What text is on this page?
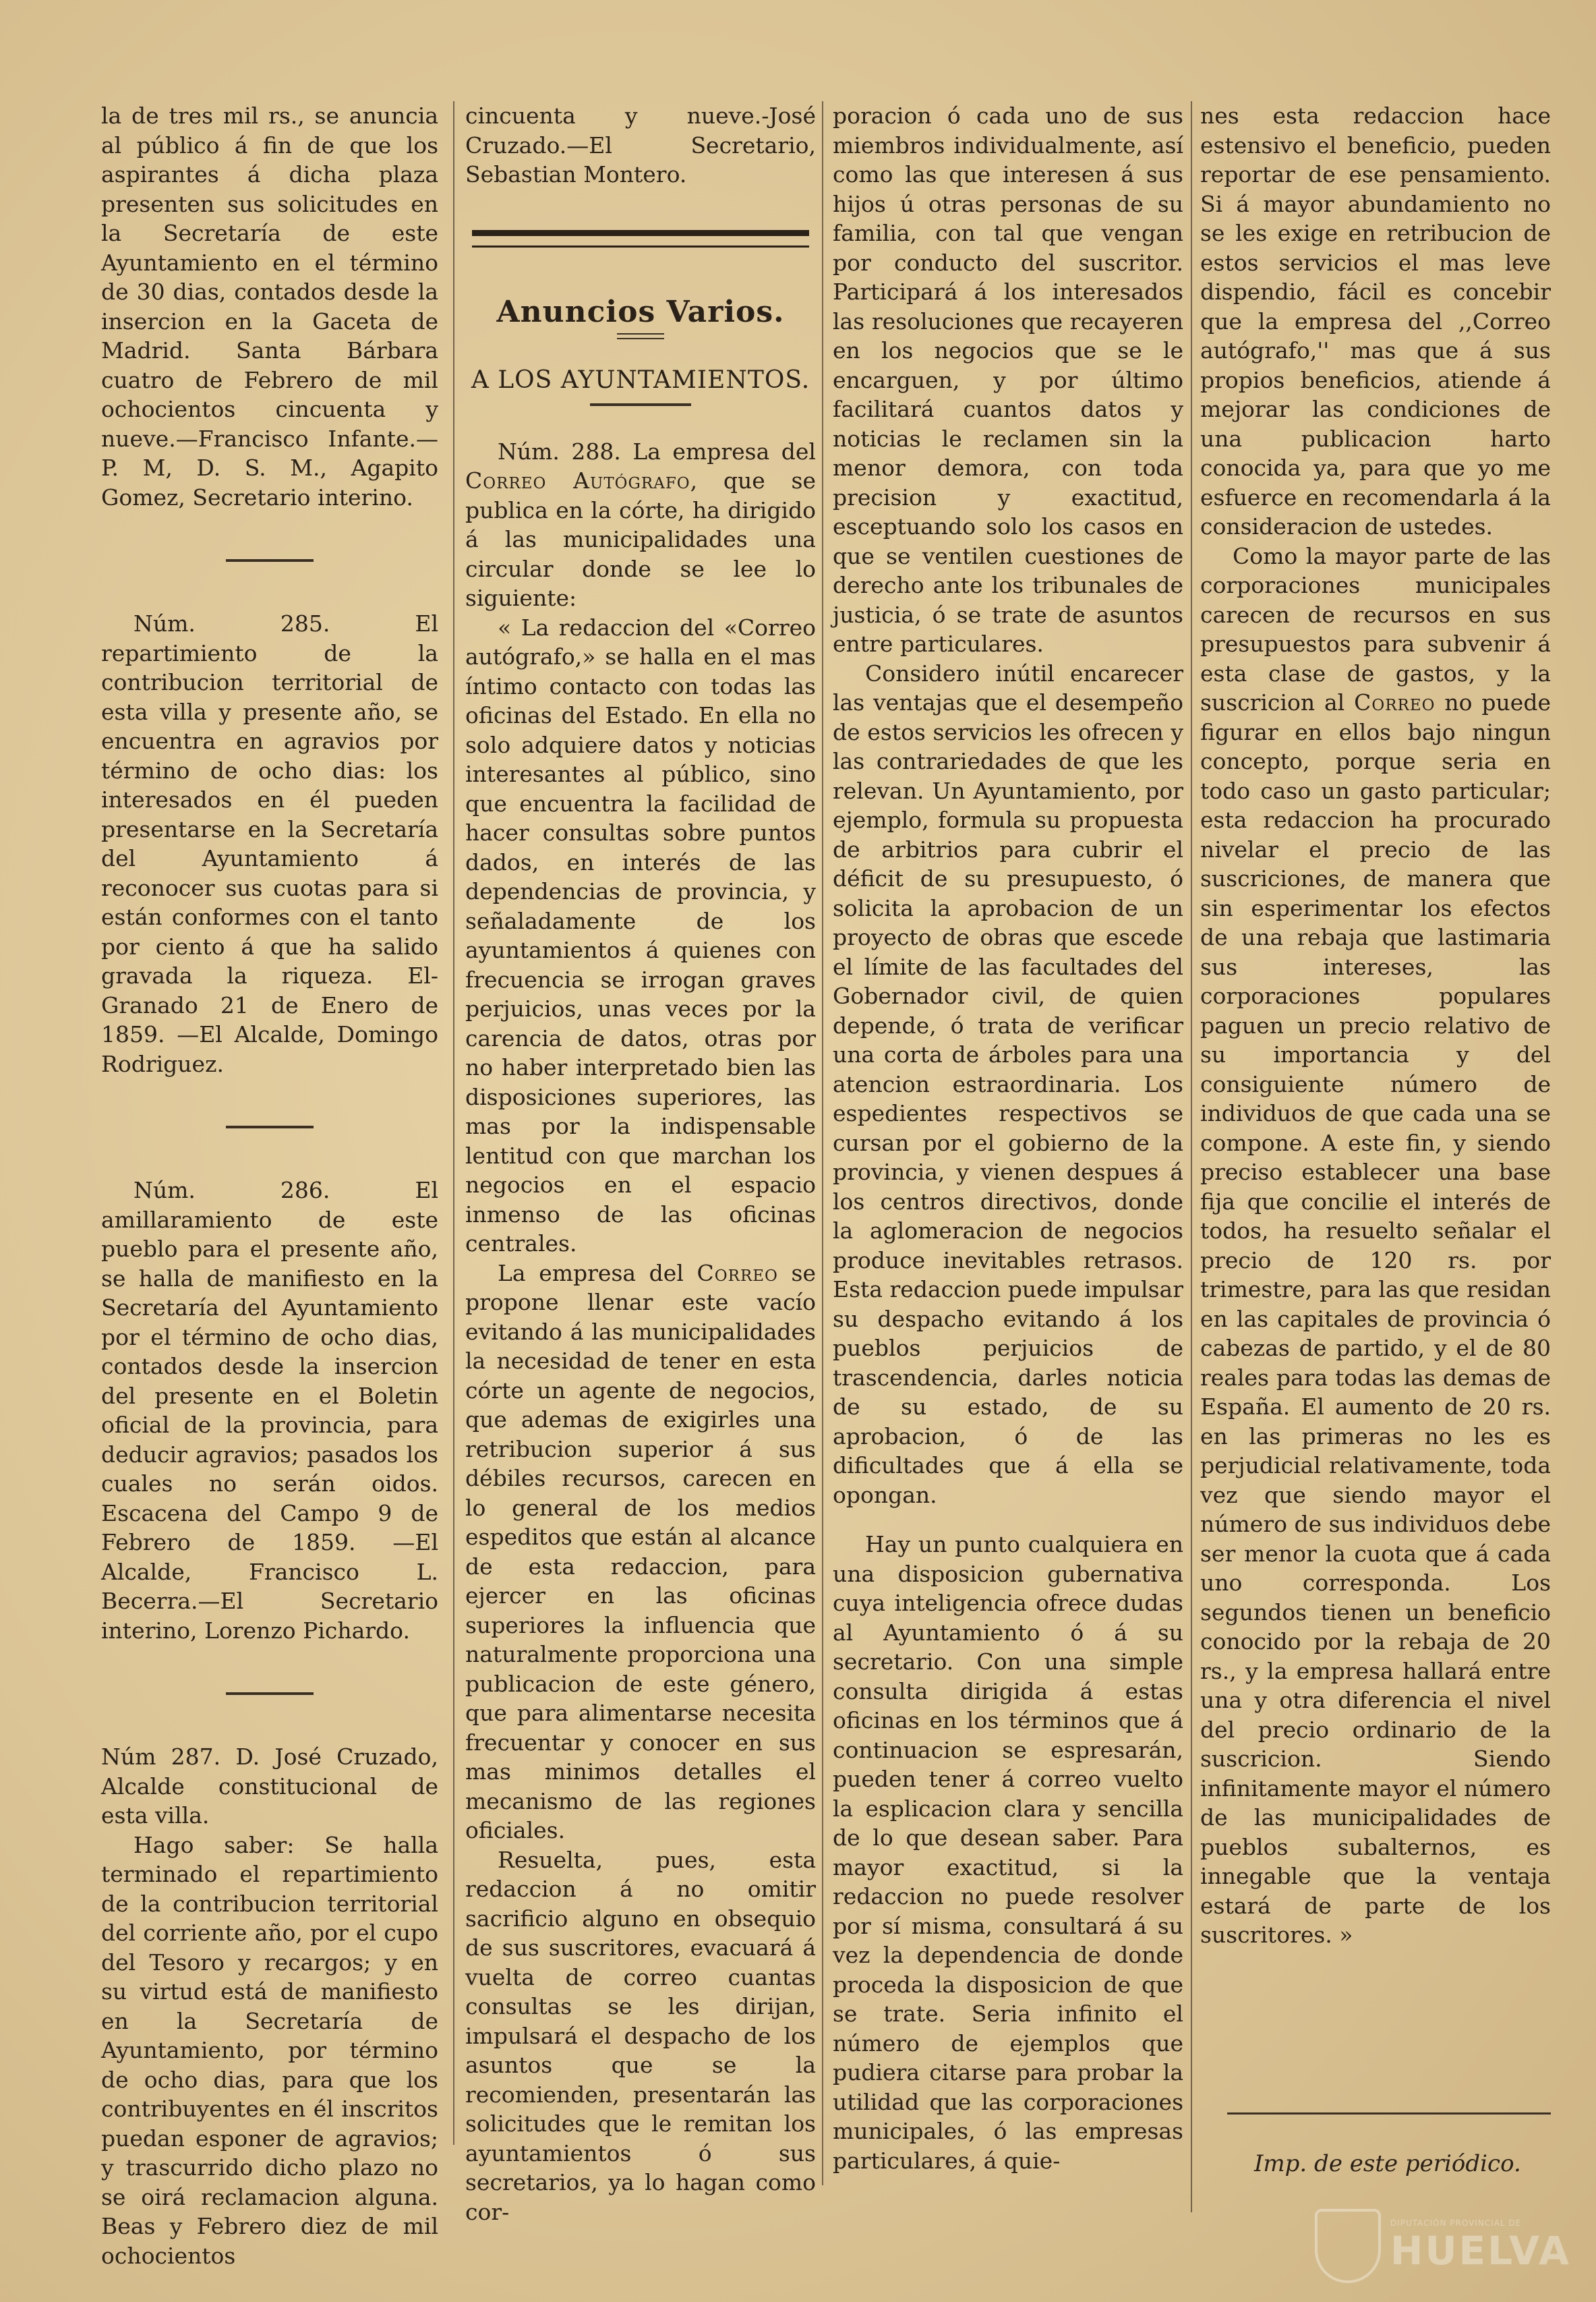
la de tres mil rs., se anuncia al público á fin de que los aspirantes á dicha plaza presenten sus solicitudes en la Secretaría de este Ayuntamiento en el término de 30 dias, contados desde la insercion en la Gaceta de Madrid. Santa Bárbara cuatro de Febrero de mil ochocientos cincuenta y nueve.—Francisco Infante.—P. M, D. S. M., Agapito Gomez, Secretario interino.

Núm. 285. El repartimiento de la contribucion territorial de esta villa y presente año, se encuentra en agravios por término de ocho dias: los interesados en él pueden presentarse en la Secretaría del Ayuntamiento á reconocer sus cuotas para si están conformes con el tanto por ciento á que ha salido gravada la riqueza. El-Granado 21 de Enero de 1859. —El Alcalde, Domingo Rodriguez.

Núm. 286. El amillaramiento de este pueblo para el presente año, se halla de manifiesto en la Secretaría del Ayuntamiento por el término de ocho dias, contados desde la insercion del presente en el Boletin oficial de la provincia, para deducir agravios; pasados los cuales no serán oidos. Escacena del Campo 9 de Febrero de 1859. —El Alcalde, Francisco L. Becerra.—El Secretario interino, Lorenzo Pichardo.

Núm 287. D. José Cruzado, Alcalde constitucional de esta villa.

Hago saber: Se halla terminado el repartimiento de la contribucion territorial del corriente año, por el cupo del Tesoro y recargos; y en su virtud está de manifiesto en la Secretaría de Ayuntamiento, por término de ocho dias, para que los contribuyentes en él inscritos puedan esponer de agravios; y trascurrido dicho plazo no se oirá reclamacion alguna. Beas y Febrero diez de mil ochocientos

cincuenta y nueve.-José Cruzado.—El Secretario, Sebastian Montero.

Anuncios Varios.
A LOS AYUNTAMIENTOS.

Núm. 288. La empresa del Correo Autógrafo, que se publica en la córte, ha dirigido á las municipalidades una circular donde se lee lo siguiente:

« La redaccion del «Correo autógrafo,» se halla en el mas íntimo contacto con todas las oficinas del Estado. En ella no solo adquiere datos y noticias interesantes al público, sino que encuentra la facilidad de hacer consultas sobre puntos dados, en interés de las dependencias de provincia, y señaladamente de los ayuntamientos á quienes con frecuencia se irrogan graves perjuicios, unas veces por la carencia de datos, otras por no haber interpretado bien las disposiciones superiores, las mas por la indispensable lentitud con que marchan los negocios en el espacio inmenso de las oficinas centrales.

La empresa del Correo se propone llenar este vacío evitando á las municipalidades la necesidad de tener en esta córte un agente de negocios, que ademas de exigirles una retribucion superior á sus débiles recursos, carecen en lo general de los medios espeditos que están al alcance de esta redaccion, para ejercer en las oficinas superiores la influencia que naturalmente proporciona una publicacion de este género, que para alimentarse necesita frecuentar y conocer en sus mas minimos detalles el mecanismo de las regiones oficiales.

Resuelta, pues, esta redaccion á no omitir sacrificio alguno en obsequio de sus suscritores, evacuará á vuelta de correo cuantas consultas se les dirijan, impulsará el despacho de los asuntos que se la recomienden, presentarán las solicitudes que le remitan los ayuntamientos ó sus secretarios, ya lo hagan como cor-

poracion ó cada uno de sus miembros individualmente, así como las que interesen á sus hijos ú otras personas de su familia, con tal que vengan por conducto del suscritor. Participará á los interesados las resoluciones que recayeren en los negocios que se le encarguen, y por último facilitará cuantos datos y noticias le reclamen sin la menor demora, con toda precision y exactitud, esceptuando solo los casos en que se ventilen cuestiones de derecho ante los tribunales de justicia, ó se trate de asuntos entre particulares.

Considero inútil encarecer las ventajas que el desempeño de estos servicios les ofrecen y las contrariedades de que les relevan. Un Ayuntamiento, por ejemplo, formula su propuesta de arbitrios para cubrir el déficit de su presupuesto, ó solicita la aprobacion de un proyecto de obras que escede el límite de las facultades del Gobernador civil, de quien depende, ó trata de verificar una corta de árboles para una atencion estraordinaria. Los espedientes respectivos se cursan por el gobierno de la provincia, y vienen despues á los centros directivos, donde la aglomeracion de negocios produce inevitables retrasos. Esta redaccion puede impulsar su despacho evitando á los pueblos perjuicios de trascendencia, darles noticia de su estado, de su aprobacion, ó de las dificultades que á ella se opongan.

Hay un punto cualquiera en una disposicion gubernativa cuya inteligencia ofrece dudas al Ayuntamiento ó á su secretario. Con una simple consulta dirigida á estas oficinas en los términos que á continuacion se espresarán, pueden tener á correo vuelto la esplicacion clara y sencilla de lo que desean saber. Para mayor exactitud, si la redaccion no puede resolver por sí misma, consultará á su vez la dependencia de donde proceda la disposicion de que se trate. Seria infinito el número de ejemplos que pudiera citarse para probar la utilidad que las corporaciones municipales, ó las empresas particulares, á quie-

nes esta redaccion hace estensivo el beneficio, pueden reportar de ese pensamiento. Si á mayor abundamiento no se les exige en retribucion de estos servicios el mas leve dispendio, fácil es concebir que la empresa del ,,Correo autógrafo,'' mas que á sus propios beneficios, atiende á mejorar las condiciones de una publicacion harto conocida ya, para que yo me esfuerce en recomendarla á la consideracion de ustedes.

Como la mayor parte de las corporaciones municipales carecen de recursos en sus presupuestos para subvenir á esta clase de gastos, y la suscricion al Correo no puede figurar en ellos bajo ningun concepto, porque seria en todo caso un gasto particular; esta redaccion ha procurado nivelar el precio de las suscriciones, de manera que sin esperimentar los efectos de una rebaja que lastimaria sus intereses, las corporaciones populares paguen un precio relativo de su importancia y del consiguiente número de individuos de que cada una se compone. A este fin, y siendo preciso establecer una base fija que concilie el interés de todos, ha resuelto señalar el precio de 120 rs. por trimestre, para las que residan en las capitales de provincia ó cabezas de partido, y el de 80 reales para todas las demas de España. El aumento de 20 rs. en las primeras no les es perjudicial relativamente, toda vez que siendo mayor el número de sus individuos debe ser menor la cuota que á cada uno corresponda. Los segundos tienen un beneficio conocido por la rebaja de 20 rs., y la empresa hallará entre una y otra diferencia el nivel del precio ordinario de la suscricion. Siendo infinitamente mayor el número de las municipalidades de pueblos subalternos, es innegable que la ventaja estará de parte de los suscritores. »

Imp. de este periódico.
DIPUTACIÓN PROVINCIAL DE
HUELVA
